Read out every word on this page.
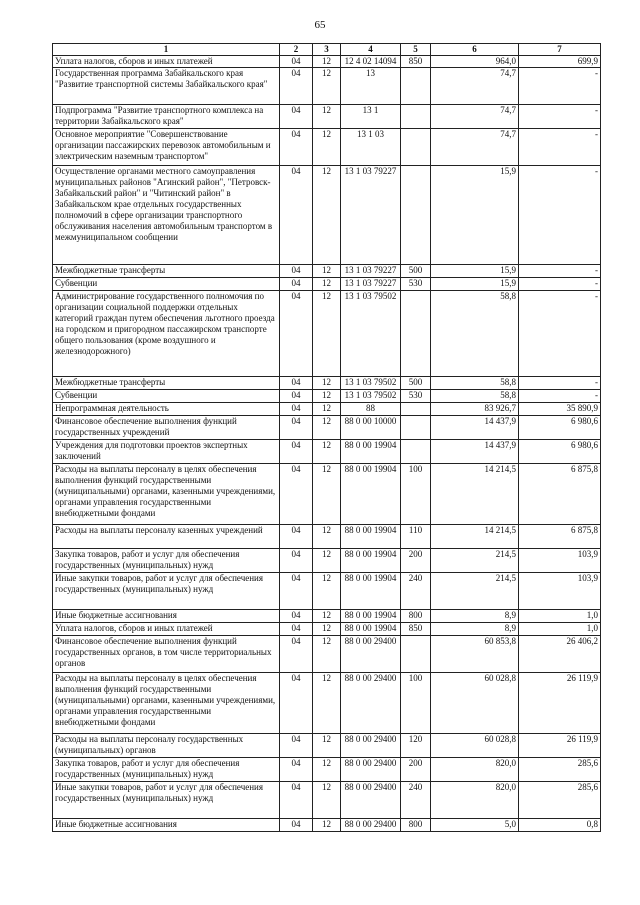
65
1	2	3	4	5	6	7
Уплата налогов, сборов и иных платежей	04	12	12 4 02 14094	850	964,0	699,9
Государственная программа Забайкальского края "Развитие транспортной системы Забайкальского края"	04	12	13		74,7	-
Подпрограмма "Развитие транспортного комплекса на территории Забайкальского края"	04	12	13 1		74,7	-
Основное мероприятие "Совершенствование организации пассажирских перевозок автомобильным и электрическим наземным транспортом"	04	12	13 1 03		74,7	-
Осуществление органами местного самоуправления муниципальных районов "Агинский район", "Петровск-Забайкальский район" и "Читинский район" в Забайкальском крае отдельных государственных полномочий в сфере организации транспортного обслуживания населения автомобильным транспортом в межмуниципальном сообщении	04	12	13 1 03 79227		15,9	-
Межбюджетные трансферты	04	12	13 1 03 79227	500	15,9	-
Субвенции	04	12	13 1 03 79227	530	15,9	-
Администрирование государственного полномочия по организации социальной поддержки отдельных категорий граждан путем обеспечения льготного проезда на городском и пригородном пассажирском транспорте общего пользования (кроме воздушного и железнодорожного)	04	12	13 1 03 79502		58,8	-
Межбюджетные трансферты	04	12	13 1 03 79502	500	58,8	-
Субвенции	04	12	13 1 03 79502	530	58,8	-
Непрограммная деятельность	04	12	88		83 926,7	35 890,9
Финансовое обеспечение выполнения функций государственных учреждений	04	12	88 0 00 10000		14 437,9	6 980,6
Учреждения для подготовки проектов экспертных заключений	04	12	88 0 00 19904		14 437,9	6 980,6
Расходы на выплаты персоналу в целях обеспечения выполнения функций государственными (муниципальными) органами, казенными учреждениями, органами управления государственными внебюджетными фондами	04	12	88 0 00 19904	100	14 214,5	6 875,8
Расходы на выплаты персоналу казенных учреждений	04	12	88 0 00 19904	110	14 214,5	6 875,8
Закупка товаров, работ и услуг для обеспечения государственных (муниципальных) нужд	04	12	88 0 00 19904	200	214,5	103,9
Иные закупки товаров, работ и услуг для обеспечения государственных (муниципальных) нужд	04	12	88 0 00 19904	240	214,5	103,9
Иные бюджетные ассигнования	04	12	88 0 00 19904	800	8,9	1,0
Уплата налогов, сборов и иных платежей	04	12	88 0 00 19904	850	8,9	1,0
Финансовое обеспечение выполнения функций государственных органов, в том числе территориальных органов	04	12	88 0 00 29400		60 853,8	26 406,2
Расходы на выплаты персоналу в целях обеспечения выполнения функций государственными (муниципальными) органами, казенными учреждениями, органами управления государственными внебюджетными фондами	04	12	88 0 00 29400	100	60 028,8	26 119,9
Расходы на выплаты персоналу государственных (муниципальных) органов	04	12	88 0 00 29400	120	60 028,8	26 119,9
Закупка товаров, работ и услуг для обеспечения государственных (муниципальных) нужд	04	12	88 0 00 29400	200	820,0	285,6
Иные закупки товаров, работ и услуг для обеспечения государственных (муниципальных) нужд	04	12	88 0 00 29400	240	820,0	285,6
Иные бюджетные ассигнования	04	12	88 0 00 29400	800	5,0	0,8
